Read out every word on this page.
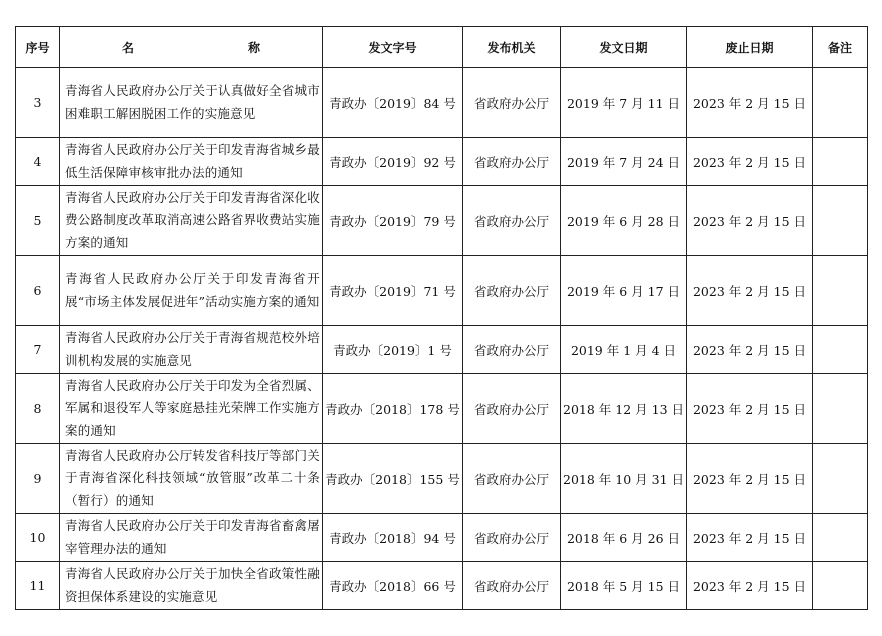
序号	名　　称	发文字号	发布机关	发文日期	废止日期	备注
3	青海省人民政府办公厅关于认真做好全省城市困难职工解困脱困工作的实施意见	青政办〔2019〕84 号	省政府办公厅	2019 年 7 月 11 日	2023 年 2 月 15 日	
4	青海省人民政府办公厅关于印发青海省城乡最低生活保障审核审批办法的通知	青政办〔2019〕92 号	省政府办公厅	2019 年 7 月 24 日	2023 年 2 月 15 日	
5	青海省人民政府办公厅关于印发青海省深化收费公路制度改革取消高速公路省界收费站实施方案的通知	青政办〔2019〕79 号	省政府办公厅	2019 年 6 月 28 日	2023 年 2 月 15 日	
6	青海省人民政府办公厅关于印发青海省开展“市场主体发展促进年”活动实施方案的通知	青政办〔2019〕71 号	省政府办公厅	2019 年 6 月 17 日	2023 年 2 月 15 日	
7	青海省人民政府办公厅关于青海省规范校外培训机构发展的实施意见	青政办〔2019〕1 号	省政府办公厅	2019 年 1 月 4 日	2023 年 2 月 15 日	
8	青海省人民政府办公厅关于印发为全省烈属、军属和退役军人等家庭悬挂光荣牌工作实施方案的通知	青政办〔2018〕178 号	省政府办公厅	2018 年 12 月 13 日	2023 年 2 月 15 日	
9	青海省人民政府办公厅转发省科技厅等部门关于青海省深化科技领域“放管服”改革二十条（暂行）的通知	青政办〔2018〕155 号	省政府办公厅	2018 年 10 月 31 日	2023 年 2 月 15 日	
10	青海省人民政府办公厅关于印发青海省畜禽屠宰管理办法的通知	青政办〔2018〕94 号	省政府办公厅	2018 年 6 月 26 日	2023 年 2 月 15 日	
11	青海省人民政府办公厅关于加快全省政策性融资担保体系建设的实施意见	青政办〔2018〕66 号	省政府办公厅	2018 年 5 月 15 日	2023 年 2 月 15 日	
